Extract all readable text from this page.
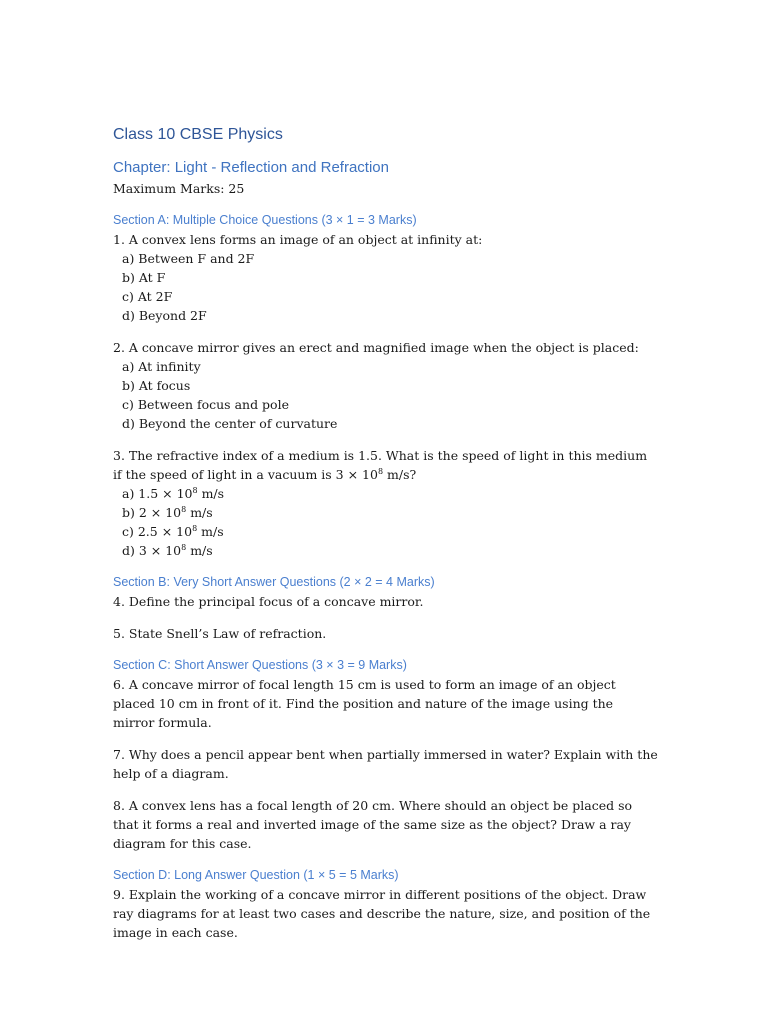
Class 10 CBSE Physics
Chapter: Light - Reflection and Refraction

Maximum Marks: 25

Section A: Multiple Choice Questions (3 × 1 = 3 Marks)

1. A convex lens forms an image of an object at infinity at:

a) Between F and 2F
b) At F
c) At 2F
d) Beyond 2F

2. A concave mirror gives an erect and magnified image when the object is placed:

a) At infinity
b) At focus
c) Between focus and pole
d) Beyond the center of curvature

3. The refractive index of a medium is 1.5. What is the speed of light in this medium if the speed of light in a vacuum is $3 \times 10^8$ m/s?

a) $1.5 \times 10^8$ m/s
b) $2 \times 10^8$ m/s
c) $2.5 \times 10^8$ m/s
d) $3 \times 10^8$ m/s
Section B: Very Short Answer Questions (2 × 2 = 4 Marks)

4. Define the principal focus of a concave mirror.

5. State Snell’s Law of refraction.

Section C: Short Answer Questions (3 × 3 = 9 Marks)

6. A concave mirror of focal length 15 cm is used to form an image of an object placed 10 cm in front of it. Find the position and nature of the image using the mirror formula.

7. Why does a pencil appear bent when partially immersed in water? Explain with the help of a diagram.

8. A convex lens has a focal length of 20 cm. Where should an object be placed so that it forms a real and inverted image of the same size as the object? Draw a ray diagram for this case.

Section D: Long Answer Question (1 × 5 = 5 Marks)

9. Explain the working of a concave mirror in different positions of the object. Draw ray diagrams for at least two cases and describe the nature, size, and position of the image in each case.
